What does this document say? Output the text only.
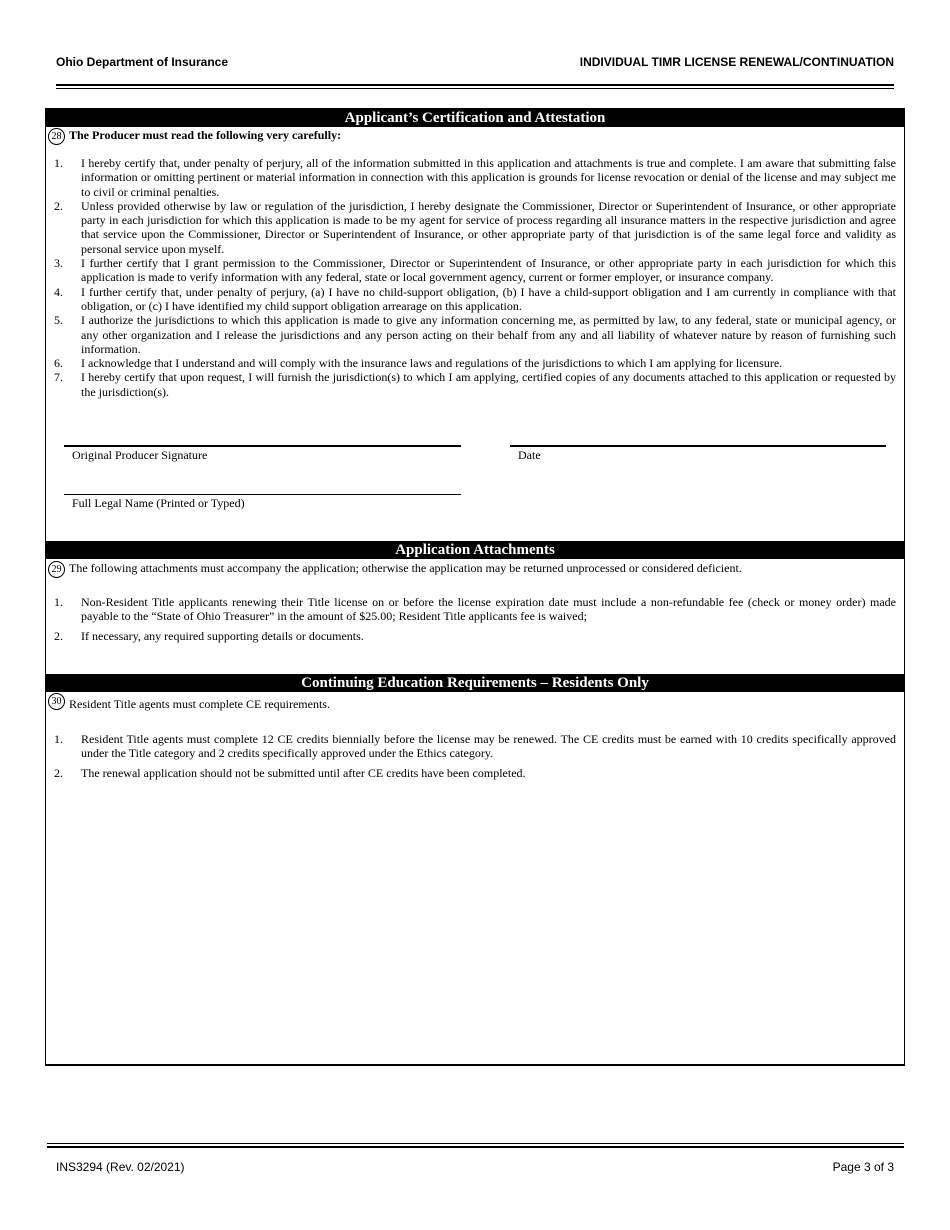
Ohio Department of Insurance	INDIVIDUAL TIMR LICENSE RENEWAL/CONTINUATION
Applicant’s Certification and Attestation
28 The Producer must read the following very carefully:
1. I hereby certify that, under penalty of perjury, all of the information submitted in this application and attachments is true and complete. I am aware that submitting false information or omitting pertinent or material information in connection with this application is grounds for license revocation or denial of the license and may subject me to civil or criminal penalties.
2. Unless provided otherwise by law or regulation of the jurisdiction, I hereby designate the Commissioner, Director or Superintendent of Insurance, or other appropriate party in each jurisdiction for which this application is made to be my agent for service of process regarding all insurance matters in the respective jurisdiction and agree that service upon the Commissioner, Director or Superintendent of Insurance, or other appropriate party of that jurisdiction is of the same legal force and validity as personal service upon myself.
3. I further certify that I grant permission to the Commissioner, Director or Superintendent of Insurance, or other appropriate party in each jurisdiction for which this application is made to verify information with any federal, state or local government agency, current or former employer, or insurance company.
4. I further certify that, under penalty of perjury, (a) I have no child-support obligation, (b) I have a child-support obligation and I am currently in compliance with that obligation, or (c) I have identified my child support obligation arrearage on this application.
5. I authorize the jurisdictions to which this application is made to give any information concerning me, as permitted by law, to any federal, state or municipal agency, or any other organization and I release the jurisdictions and any person acting on their behalf from any and all liability of whatever nature by reason of furnishing such information.
6. I acknowledge that I understand and will comply with the insurance laws and regulations of the jurisdictions to which I am applying for licensure.
7. I hereby certify that upon request, I will furnish the jurisdiction(s) to which I am applying, certified copies of any documents attached to this application or requested by the jurisdiction(s).
Original Producer Signature	Date
Full Legal Name (Printed or Typed)
Application Attachments
29 The following attachments must accompany the application; otherwise the application may be returned unprocessed or considered deficient.
1. Non-Resident Title applicants renewing their Title license on or before the license expiration date must include a non-refundable fee (check or money order) made payable to the “State of Ohio Treasurer” in the amount of $25.00; Resident Title applicants fee is waived;
2. If necessary, any required supporting details or documents.
Continuing Education Requirements – Residents Only
30 Resident Title agents must complete CE requirements.
1. Resident Title agents must complete 12 CE credits biennially before the license may be renewed. The CE credits must be earned with 10 credits specifically approved under the Title category and 2 credits specifically approved under the Ethics category.
2. The renewal application should not be submitted until after CE credits have been completed.
INS3294 (Rev. 02/2021)	Page 3 of 3
